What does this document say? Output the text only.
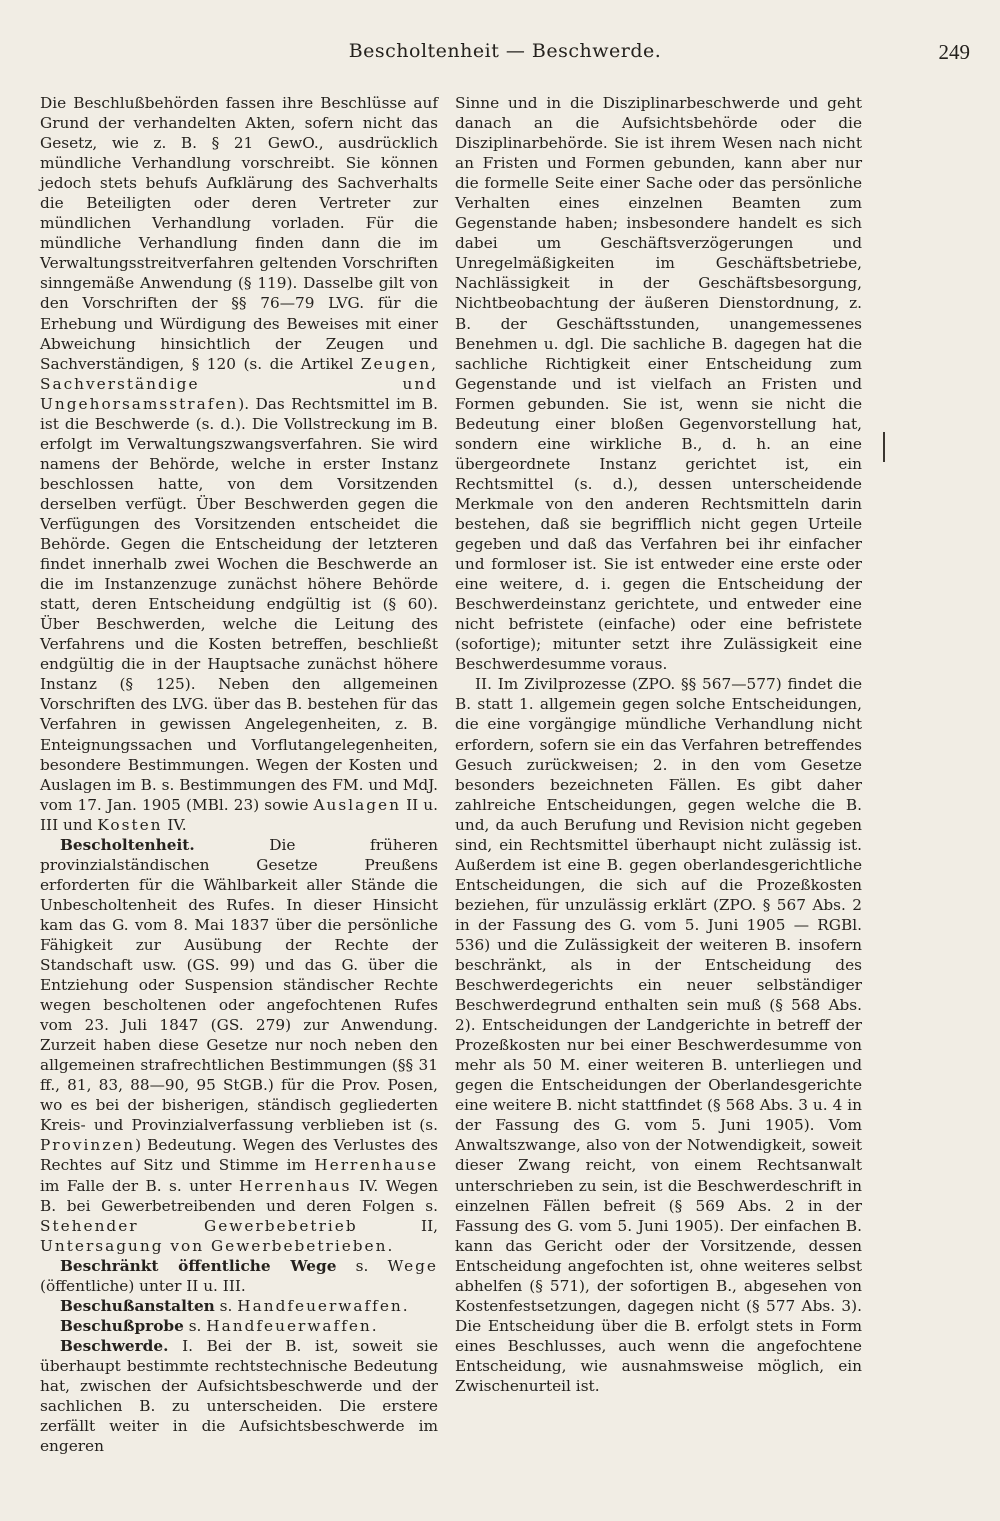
Bescholtenheit — Beschwerde.	249

Die Beschlußbehörden fassen ihre Beschlüsse auf Grund der verhandelten Akten, sofern nicht das Gesetz, wie z. B. § 21 GewO., ausdrücklich mündliche Verhandlung vorschreibt. Sie können jedoch stets behufs Aufklärung des Sachverhalts die Beteiligten oder deren Vertreter zur mündlichen Verhandlung vorladen. Für die mündliche Verhandlung finden dann die im Verwaltungsstreitverfahren geltenden Vorschriften sinngemäße Anwendung (§ 119). Dasselbe gilt von den Vorschriften der §§ 76—79 LVG. für die Erhebung und Würdigung des Beweises mit einer Abweichung hinsichtlich der Zeugen und Sachverständigen, § 120 (s. die Artikel Zeugen, Sachverständige und Ungehorsamsstrafen). Das Rechtsmittel im B. ist die Beschwerde (s. d.). Die Vollstreckung im B. erfolgt im Verwaltungszwangsverfahren. Sie wird namens der Behörde, welche in erster Instanz beschlossen hatte, von dem Vorsitzenden derselben verfügt. Über Beschwerden gegen die Verfügungen des Vorsitzenden entscheidet die Behörde. Gegen die Entscheidung der letzteren findet innerhalb zwei Wochen die Beschwerde an die im Instanzenzuge zunächst höhere Behörde statt, deren Entscheidung endgültig ist (§ 60). Über Beschwerden, welche die Leitung des Verfahrens und die Kosten betreffen, beschließt endgültig die in der Hauptsache zunächst höhere Instanz (§ 125). Neben den allgemeinen Vorschriften des LVG. über das B. bestehen für das Verfahren in gewissen Angelegenheiten, z. B. Enteignungssachen und Vorflutangelegenheiten, besondere Bestimmungen. Wegen der Kosten und Auslagen im B. s. Bestimmungen des FM. und MdJ. vom 17. Jan. 1905 (MBl. 23) sowie Auslagen II u. III und Kosten IV.

Bescholtenheit. Die früheren provinzialständischen Gesetze Preußens erforderten für die Wählbarkeit aller Stände die Unbescholtenheit des Rufes. In dieser Hinsicht kam das G. vom 8. Mai 1837 über die persönliche Fähigkeit zur Ausübung der Rechte der Standschaft usw. (GS. 99) und das G. über die Entziehung oder Suspension ständischer Rechte wegen bescholtenen oder angefochtenen Rufes vom 23. Juli 1847 (GS. 279) zur Anwendung. Zurzeit haben diese Gesetze nur noch neben den allgemeinen strafrechtlichen Bestimmungen (§§ 31 ff., 81, 83, 88—90, 95 StGB.) für die Prov. Posen, wo es bei der bisherigen, ständisch gegliederten Kreis- und Provinzialverfassung verblieben ist (s. Provinzen) Bedeutung. Wegen des Verlustes des Rechtes auf Sitz und Stimme im Herrenhause im Falle der B. s. unter Herrenhaus IV. Wegen B. bei Gewerbetreibenden und deren Folgen s. Stehender Gewerbebetrieb II, Untersagung von Gewerbebetrieben.

Beschränkt öffentliche Wege s. Wege (öffentliche) unter II u. III.

Beschußanstalten s. Handfeuerwaffen.

Beschußprobe s. Handfeuerwaffen.

Beschwerde. I. Bei der B. ist, soweit sie überhaupt bestimmte rechtstechnische Bedeutung hat, zwischen der Aufsichtsbeschwerde und der sachlichen B. zu unterscheiden. Die erstere zerfällt weiter in die Aufsichtsbeschwerde im engeren

Sinne und in die Disziplinarbeschwerde und geht danach an die Aufsichtsbehörde oder die Disziplinarbehörde. Sie ist ihrem Wesen nach nicht an Fristen und Formen gebunden, kann aber nur die formelle Seite einer Sache oder das persönliche Verhalten eines einzelnen Beamten zum Gegenstande haben; insbesondere handelt es sich dabei um Geschäftsverzögerungen und Unregelmäßigkeiten im Geschäftsbetriebe, Nachlässigkeit in der Geschäftsbesorgung, Nichtbeobachtung der äußeren Dienstordnung, z. B. der Geschäftsstunden, unangemessenes Benehmen u. dgl. Die sachliche B. dagegen hat die sachliche Richtigkeit einer Entscheidung zum Gegenstande und ist vielfach an Fristen und Formen gebunden. Sie ist, wenn sie nicht die Bedeutung einer bloßen Gegenvorstellung hat, sondern eine wirkliche B., d. h. an eine übergeordnete Instanz gerichtet ist, ein Rechtsmittel (s. d.), dessen unterscheidende Merkmale von den anderen Rechtsmitteln darin bestehen, daß sie begrifflich nicht gegen Urteile gegeben und daß das Verfahren bei ihr einfacher und formloser ist. Sie ist entweder eine erste oder eine weitere, d. i. gegen die Entscheidung der Beschwerdeinstanz gerichtete, und entweder eine nicht befristete (einfache) oder eine befristete (sofortige); mitunter setzt ihre Zulässigkeit eine Beschwerdesumme voraus.

II. Im Zivilprozesse (ZPO. §§ 567—577) findet die B. statt 1. allgemein gegen solche Entscheidungen, die eine vorgängige mündliche Verhandlung nicht erfordern, sofern sie ein das Verfahren betreffendes Gesuch zurückweisen; 2. in den vom Gesetze besonders bezeichneten Fällen. Es gibt daher zahlreiche Entscheidungen, gegen welche die B. und, da auch Berufung und Revision nicht gegeben sind, ein Rechtsmittel überhaupt nicht zulässig ist. Außerdem ist eine B. gegen oberlandesgerichtliche Entscheidungen, die sich auf die Prozeßkosten beziehen, für unzulässig erklärt (ZPO. § 567 Abs. 2 in der Fassung des G. vom 5. Juni 1905 — RGBl. 536) und die Zulässigkeit der weiteren B. insofern beschränkt, als in der Entscheidung des Beschwerdegerichts ein neuer selbständiger Beschwerdegrund enthalten sein muß (§ 568 Abs. 2). Entscheidungen der Landgerichte in betreff der Prozeßkosten nur bei einer Beschwerdesumme von mehr als 50 M. einer weiteren B. unterliegen und gegen die Entscheidungen der Oberlandesgerichte eine weitere B. nicht stattfindet (§ 568 Abs. 3 u. 4 in der Fassung des G. vom 5. Juni 1905). Vom Anwaltszwange, also von der Notwendigkeit, soweit dieser Zwang reicht, von einem Rechtsanwalt unterschrieben zu sein, ist die Beschwerdeschrift in einzelnen Fällen befreit (§ 569 Abs. 2 in der Fassung des G. vom 5. Juni 1905). Der einfachen B. kann das Gericht oder der Vorsitzende, dessen Entscheidung angefochten ist, ohne weiteres selbst abhelfen (§ 571), der sofortigen B., abgesehen von Kostenfestsetzungen, dagegen nicht (§ 577 Abs. 3). Die Entscheidung über die B. erfolgt stets in Form eines Beschlusses, auch wenn die angefochtene Entscheidung, wie ausnahmsweise möglich, ein Zwischenurteil ist.
